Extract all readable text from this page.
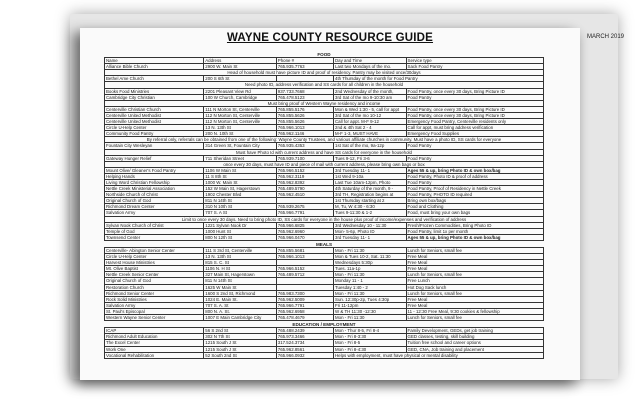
WAYNE COUNTY RESOURCE GUIDE	MARCH 2019
FOOD				
Name	Address	Phone #	Day and Time	Service type
Alliance Bible Church	2900 W. Main St	765.935.7763	Last two Mondays of the mo.	Sack Food Pantry
Head of household must have picture ID and proof of residency. Pantry may be visited once/30days				
Bethel Ame Church	200 S 6th St		4th Thursday of the month for Food Pantry	
Need photo ID, address verification and SS cards for all children in the household				
Books Food Ministries	2201 Pleasant View Rd	937.733.7668	2nd Wednesday of the month,	Food Pantry, once every 30 days, Bring Picture ID
Cambridge City Christian	100 W Church, Cambridge	765.478.5123	3rd Sat of the mo 9-10:30 am	Food Pantry
Must bring proof of Western Wayne residency and income				
Centerville Christian Church	111 N Morton St, Centerville	765.855.5176	Mon & Wed 1:30 - 5, call for appt	Food Pantry, once every 30 days, Bring Picture ID
Centerville United Methodist	112 N Morton St, Centerville	765.855.5626	3rd Sat of the mo 10-12	Food Pantry, once every 30 days, Bring Picture ID
Centerville United Methodist	112 N Morton St, Centerville	765.855.5626	Call for appt. M-F 9-12	Emergency Food Pantry, Centerville residents only
Circle U-Help Center	13 N. 13th St	765.966.1013	2nd & 4th Sat 2 - 4	Call for appt, must bring address verification
Community Food Pantry	200 N. 10th St	765.962.1146	M-F 1-3, MUST HAVE	Emergency Food Supplies
By referral only, referrals can be obtained from one of the following: Wayne County Trustees, and various affiliate churches in community. Must have a photo ID, SS cards for everyone				
Fountain City Wesleyan	314 Green St, Fountain City	765.935.4353	1st Sat of the mo, 9a-12p	Food Pantry
Must have Photo Id with current address and have SS cards for everyone in the household				
Gateway Hunger Relief	711 Sheridan Street	765.939.7100	Tues 9-12, Fri 3-6	Food Pantry
once every 30 days, must have ID and piece of mail with current address, please bring own bags or box				
Mount Olive/ Gleaner's Food Pantry	1106 W Main St	765.966.5152	3rd Tuesday 11- 1	Ages 55 & up, bring Photo ID & own box/bag
Helping Hands	11 S 8th St	765.962.3119	1st Wed 9-10a	Food Pantry, Photo ID & proof of address
Living Word Christian Fellowship	1000 W. Main St	765.962.8392	Last Tue 10am-12pm, Photo	Food Pantry
Nettle Creek Ministerial Association	152 W Main St, Hagerstown	765.489.5790	4th Saturday of the month, 9 -	Food Pantry, Proof of Residency in Nettle Creek
Northside Church of Christ	1902 Chester Blvd	765.962.4510	3rd TH, Registration begins at	Food Pantry, PHOTO ID required
Original Church of God	811 N 14th St		1st Thursday starting at 2	Bring own box/bags
Richmond Dream Center	310 N 10th St	765.939.2675	M, Tu, W 4:30 - 6:30	Food and Clothing
Salvation Army	707 S. A St	765.966.7791	Tues 9-11:30 & 1-2	Food, must bring your own bags
Limit to once every 30 days. Need to bring photo ID, SS cards for everyone in the house plus proof of income/expenses and verification of address				
Sylvan Nook Church of Christ	1221 Sylvan Nook Dr	765.966.6825	3rd Wednesday 10 - 11:30	Fresh/Frozen Commodities, Bring Photo ID
Temple of God	1000 Hunt St	765.962.6960	Mon- 5-6p, Photo ID	Food Pantry, limit 1x per month
Townsend Center	800 N 12th St	765.966.0470	3rd Tuesday 11- 1	Ages 55 & up, bring Photo ID & own box/bag
MEALS				
Centerville- Abington Senior Center	111 S 3rd St, Centerville	765.855.5681	Mon - Fri 11:30	Lunch for Seniors, small fee
Circle U-Help Center	13 N. 13th St	765.966.1013	Mon & Tues 10-2, Sat. 11:30	Free Meal
Harvest House Ministries	815 S. C. St		Wednesdays 5:30p	Free Meal
Mt. Olive Baptist	1106 N. H St	765.966.5152	Tues. 11a-1p	Free Meal
Nettle Creek Senior Center	327 Main St, Hagerstown	765.489.5712	Mon - Fri 11:30	Lunch for Seniors, small fee
Original Church of God	811 N 14th St		Monday 11 - 1	Free Lunch
Restoration Church	1625 W Main St		Tuesday 1:40 - 2	Hot Dog Sack lunch
Richmond Senior Center	1600 S 2nd St, Richmond	765.983.7300	Mon - Fri 11:30	Lunch for Seniors, small fee
Rock Solid Ministries	1024 E. Main St.	765.962.5009	Sun. 12:30p-2p, Tues 4:30p	Free Meal
Salvation Army	707 S. A. St	765.966.7791	Fri 11-12pm	Free Meal
St. Paul's Episcopal	800 N. A. St.	765.962.6958	W & TH 11:30 -12:30	11 - 12:30 Free Meal, 9:30 cookies & fellowship
Western Wayne Senior Center	1007 E Main Cambridge City	765.478.4679	Mon - Fri 11:30	Lunch for Seniors, small fee
EDUCATION / EMPLOYMENT				
ICAP	56 S 2nd St	765.488.2439	Mon - Thur 8-5, Fri 8-4	Family Development, GEDs, get job training
Richmond Adult Education	302 N 7th St	765.973.3466	Mon - Fri 8-3:30	GED classes, testing, skill building
The Excel Center	1215 South J St	317.524.3734	Mon - Fri 8-5	Tuition free school and career options
Work One	1215 South J St	765.962.8561	Mon - Fri 8-4:30	GED, CNA, Job training and placement
Vocational Rehabilitation	52 South 2nd St	765.966.0932	Helps with employment, must have physical or mental disability	
